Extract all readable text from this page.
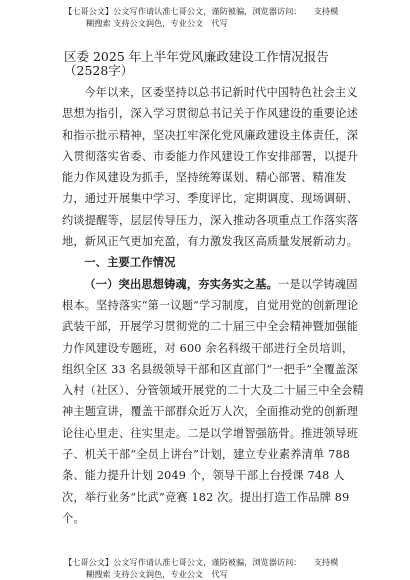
【七哥公文】公文写作请认准七哥公文，谨防被骗，浏览器访问：　　支持模
糊搜索 支持公文润色，专业公文　代写
区委 2025 年上半年党风廉政建设工作情况报告（2528字）

今年以来，区委坚持以总书记新时代中国特色社会主义思想为指引，深入学习贯彻总书记关于作风建设的重要论述和指示批示精神，坚决扛牢深化党风廉政建设主体责任，深入贯彻落实省委、市委能力作风建设工作安排部署，以提升能力作风建设为抓手，坚持统筹谋划、精心部署、精准发力，通过开展集中学习、季度评比，定期调度、现场调研、约谈提醒等，层层传导压力，深入推动各项重点工作落实落地，新风正气更加充盈，有力激发我区高质量发展新动力。

一、主要工作情况

（一）突出思想铸魂，夯实务实之基。一是以学铸魂固根本。坚持落实“第一议题”学习制度，自觉用党的创新理论武装干部，开展学习贯彻党的二十届三中全会精神暨加强能力作风建设专题班，对 600 余名科级干部进行全员培训，组织全区 33 名县级领导干部和区直部门“一把手”全覆盖深入村（社区）、分管领域开展党的二十大及二十届三中全会精神主题宣讲，覆盖干部群众近万人次，全面推动党的创新理论往心里走、往实里走。二是以学增智强筋骨。推进领导班子、机关干部“全员上讲台”计划，建立专业素养清单 788 条、能力提升计划 2049 个，领导干部上台授课 748 人次，举行业务“比武”竞赛 182 次。提出打造工作品牌 89 个。

【七哥公文】公文写作请认准七哥公文，谨防被骗，浏览器访问：　　支持模
糊搜索 支持公文润色，专业公文　代写
